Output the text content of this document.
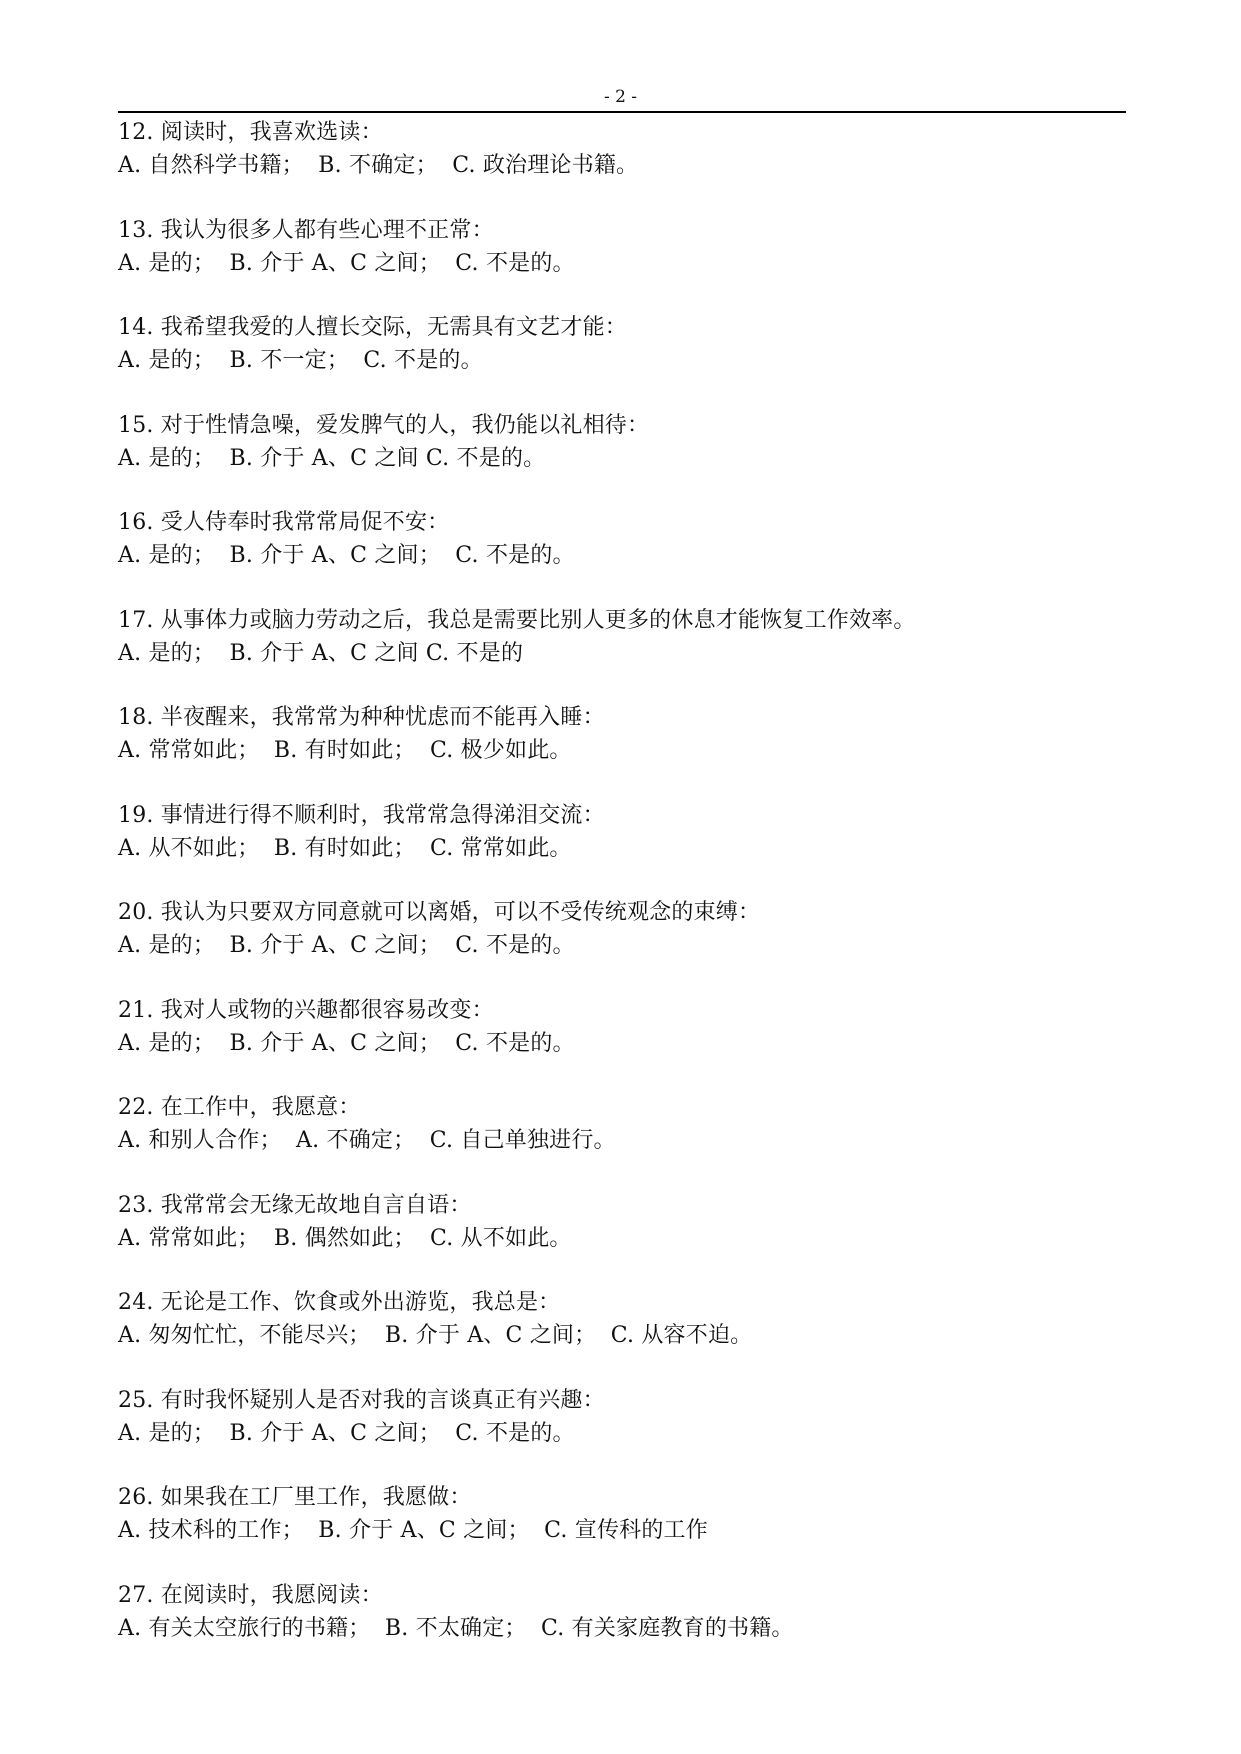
- 2 -
12. 阅读时，我喜欢选读：
A. 自然科学书籍；  B. 不确定；  C. 政治理论书籍。
13. 我认为很多人都有些心理不正常：
A. 是的；  B. 介于 A、C 之间；  C. 不是的。
14. 我希望我爱的人擅长交际，无需具有文艺才能：
A. 是的；  B. 不一定；  C. 不是的。
15. 对于性情急噪，爱发脾气的人，我仍能以礼相待：
A. 是的；  B. 介于 A、C 之间 C. 不是的。
16. 受人侍奉时我常常局促不安：
A. 是的；  B. 介于 A、C 之间；  C. 不是的。
17. 从事体力或脑力劳动之后，我总是需要比别人更多的休息才能恢复工作效率。
A. 是的；  B. 介于 A、C 之间 C. 不是的
18. 半夜醒来，我常常为种种忧虑而不能再入睡：
A. 常常如此；  B. 有时如此；  C. 极少如此。
19. 事情进行得不顺利时，我常常急得涕泪交流：
A. 从不如此；  B. 有时如此；  C. 常常如此。
20. 我认为只要双方同意就可以离婚，可以不受传统观念的束缚：
A. 是的；  B. 介于 A、C 之间；  C. 不是的。
21. 我对人或物的兴趣都很容易改变：
A. 是的；  B. 介于 A、C 之间；  C. 不是的。
22. 在工作中，我愿意：
A. 和别人合作；  A. 不确定；  C. 自己单独进行。
23. 我常常会无缘无故地自言自语：
A. 常常如此；  B. 偶然如此；  C. 从不如此。
24. 无论是工作、饮食或外出游览，我总是：
A. 匆匆忙忙，不能尽兴；  B. 介于 A、C 之间；  C. 从容不迫。
25. 有时我怀疑别人是否对我的言谈真正有兴趣：
A. 是的；  B. 介于 A、C 之间；  C. 不是的。
26. 如果我在工厂里工作，我愿做：
A. 技术科的工作；  B. 介于 A、C 之间；  C. 宣传科的工作
27. 在阅读时，我愿阅读：
A. 有关太空旅行的书籍；  B. 不太确定；  C. 有关家庭教育的书籍。
